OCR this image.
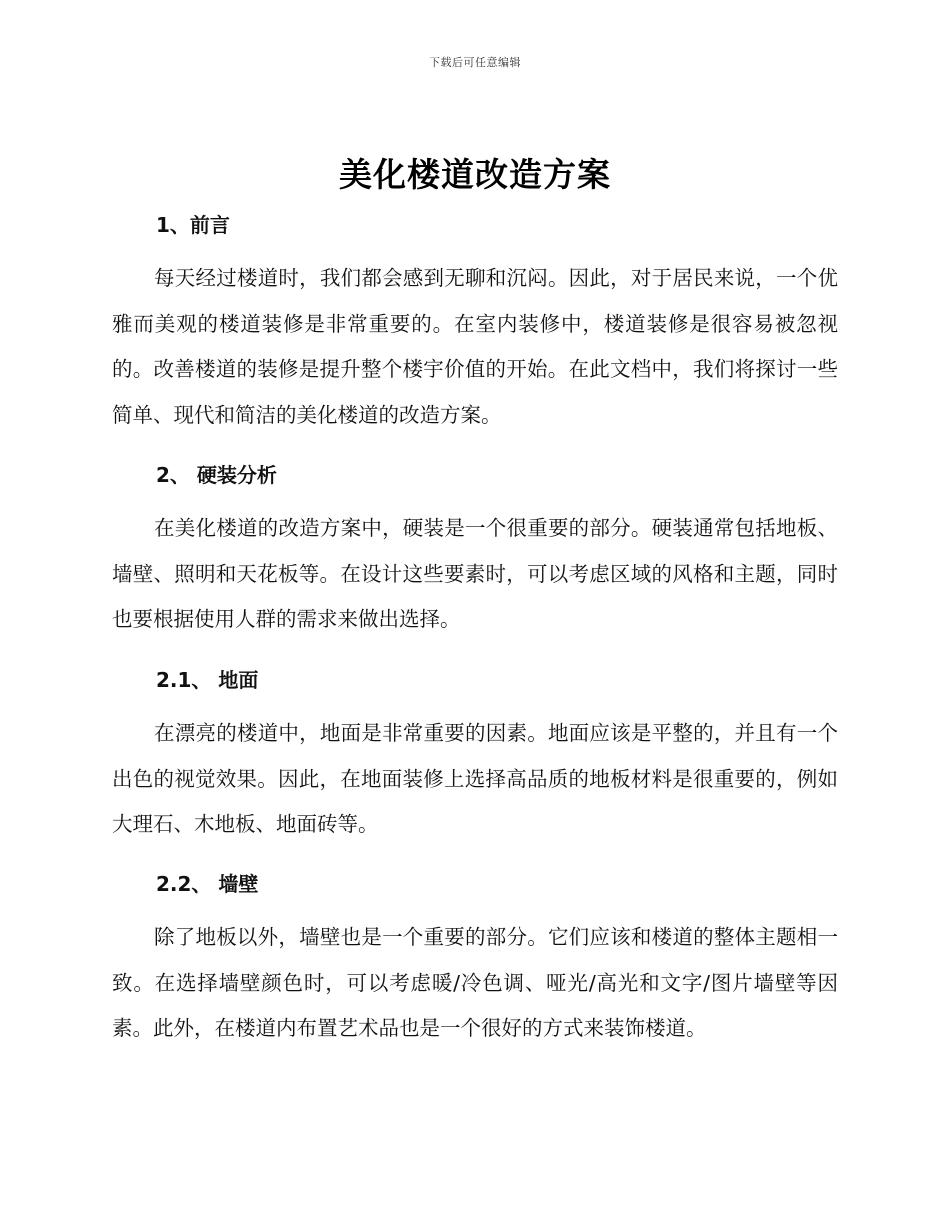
下载后可任意编辑
美化楼道改造方案
1、前言

每天经过楼道时，我们都会感到无聊和沉闷。因此，对于居民来说，一个优雅而美观的楼道装修是非常重要的。在室内装修中，楼道装修是很容易被忽视的。改善楼道的装修是提升整个楼宇价值的开始。在此文档中，我们将探讨一些简单、现代和简洁的美化楼道的改造方案。

2、 硬装分析

在美化楼道的改造方案中，硬装是一个很重要的部分。硬装通常包括地板、墙壁、照明和天花板等。在设计这些要素时，可以考虑区域的风格和主题，同时也要根据使用人群的需求来做出选择。

2.1、 地面

在漂亮的楼道中，地面是非常重要的因素。地面应该是平整的，并且有一个出色的视觉效果。因此，在地面装修上选择高品质的地板材料是很重要的，例如大理石、木地板、地面砖等。

2.2、 墙壁

除了地板以外，墙壁也是一个重要的部分。它们应该和楼道的整体主题相一致。在选择墙壁颜色时，可以考虑暖/冷色调、哑光/高光和文字/图片墙壁等因素。此外，在楼道内布置艺术品也是一个很好的方式来装饰楼道。
